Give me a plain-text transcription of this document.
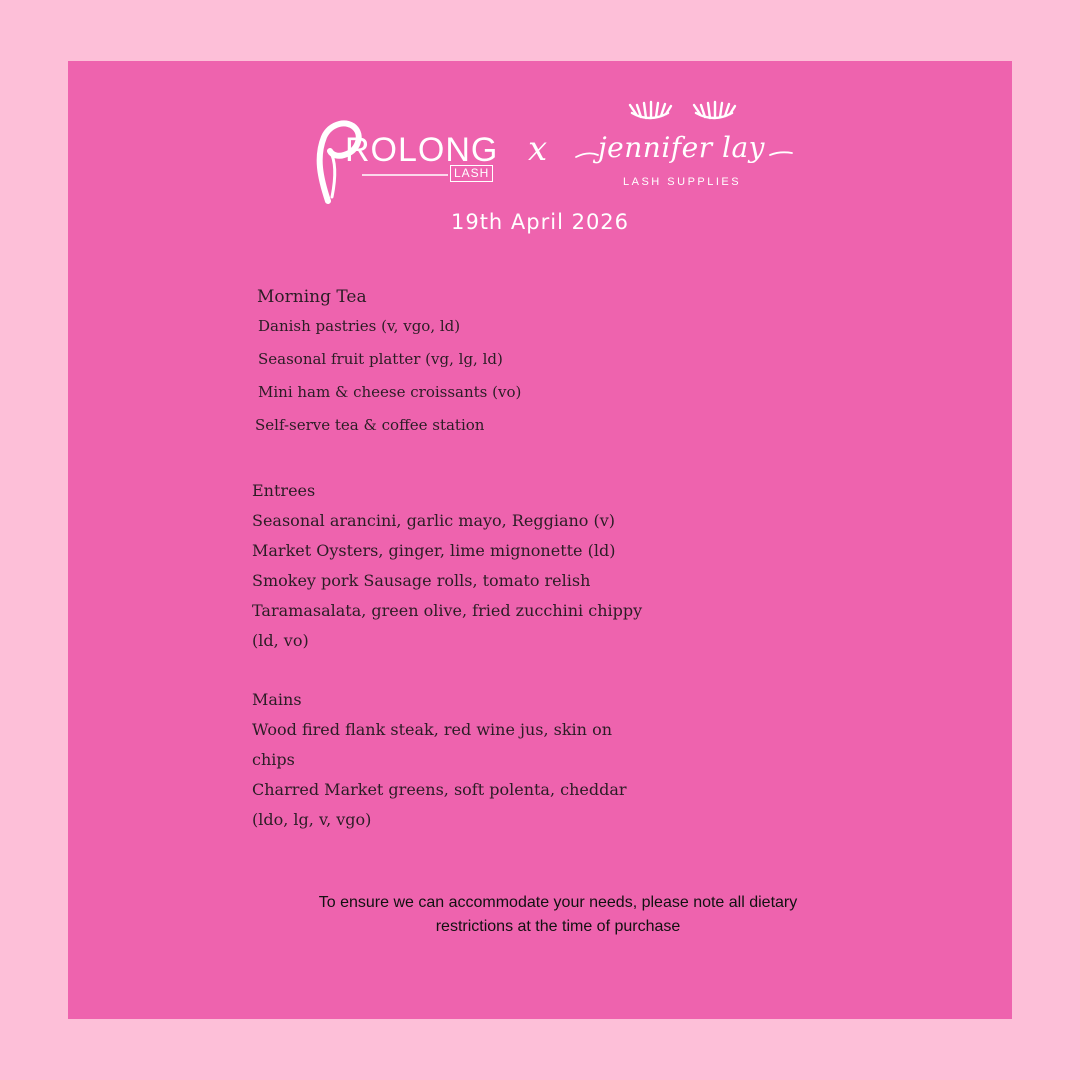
ROLONG
LASH
x jennifer lay
LASH SUPPLIES
19th April 2026
Morning Tea
Danish pastries (v, vgo, ld)
Seasonal fruit platter (vg, lg, ld)
Mini ham & cheese croissants (vo)
Self-serve tea & coffee station
Entrees
Seasonal arancini, garlic mayo, Reggiano (v)
Market Oysters, ginger, lime mignonette (ld)
Smokey pork Sausage rolls, tomato relish
Taramasalata, green olive, fried zucchini chippy
(ld, vo)
Mains
Wood fired flank steak, red wine jus, skin on
chips
Charred Market greens, soft polenta, cheddar
(ldo, lg, v, vgo)
To ensure we can accommodate your needs, please note all dietary restrictions at the time of purchase
